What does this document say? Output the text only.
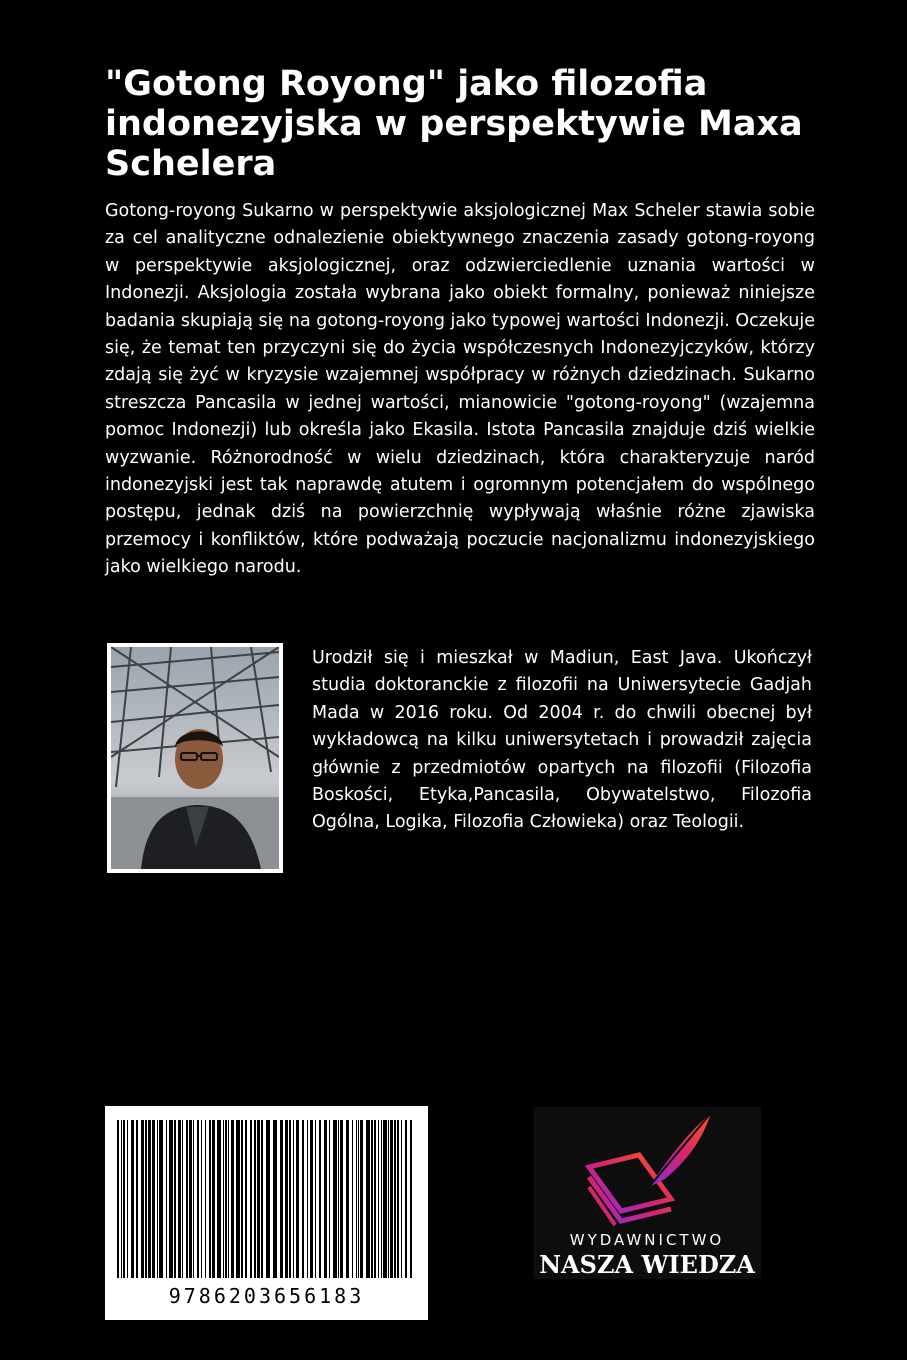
"Gotong Royong" jako filozofia indonezyjska w perspektywie Maxa Schelera

Gotong-royong Sukarno w perspektywie aksjologicznej Max Scheler stawia sobie za cel analityczne odnalezienie obiektywnego znaczenia zasady gotong-royong w perspektywie aksjologicznej, oraz odzwierciedlenie uznania wartości w Indonezji. Aksjologia została wybrana jako obiekt formalny, ponieważ niniejsze badania skupiają się na gotong-royong jako typowej wartości Indonezji. Oczekuje się, że temat ten przyczyni się do życia współczesnych Indonezyjczyków, którzy zdają się żyć w kryzysie wzajemnej współpracy w różnych dziedzinach. Sukarno streszcza Pancasila w jednej wartości, mianowicie "gotong-royong" (wzajemna pomoc Indonezji) lub określa jako Ekasila. Istota Pancasila znajduje dziś wielkie wyzwanie. Różnorodność w wielu dziedzinach, która charakteryzuje naród indonezyjski jest tak naprawdę atutem i ogromnym potencjałem do wspólnego postępu, jednak dziś na powierzchnię wypływają właśnie różne zjawiska przemocy i konfliktów, które podważają poczucie nacjonalizmu indonezyjskiego jako wielkiego narodu.

Urodził się i mieszkał w Madiun, East Java. Ukończył studia doktoranckie z filozofii na Uniwersytecie Gadjah Mada w 2016 roku. Od 2004 r. do chwili obecnej był wykładowcą na kilku uniwersytetach i prowadził zajęcia głównie z przedmiotów opartych na filozofii (Filozofia Boskości, Etyka,Pancasila, Obywatelstwo, Filozofia Ogólna, Logika, Filozofia Człowieka) oraz Teologii.

9786203656183
WYDAWNICTWO
NASZA WIEDZA
